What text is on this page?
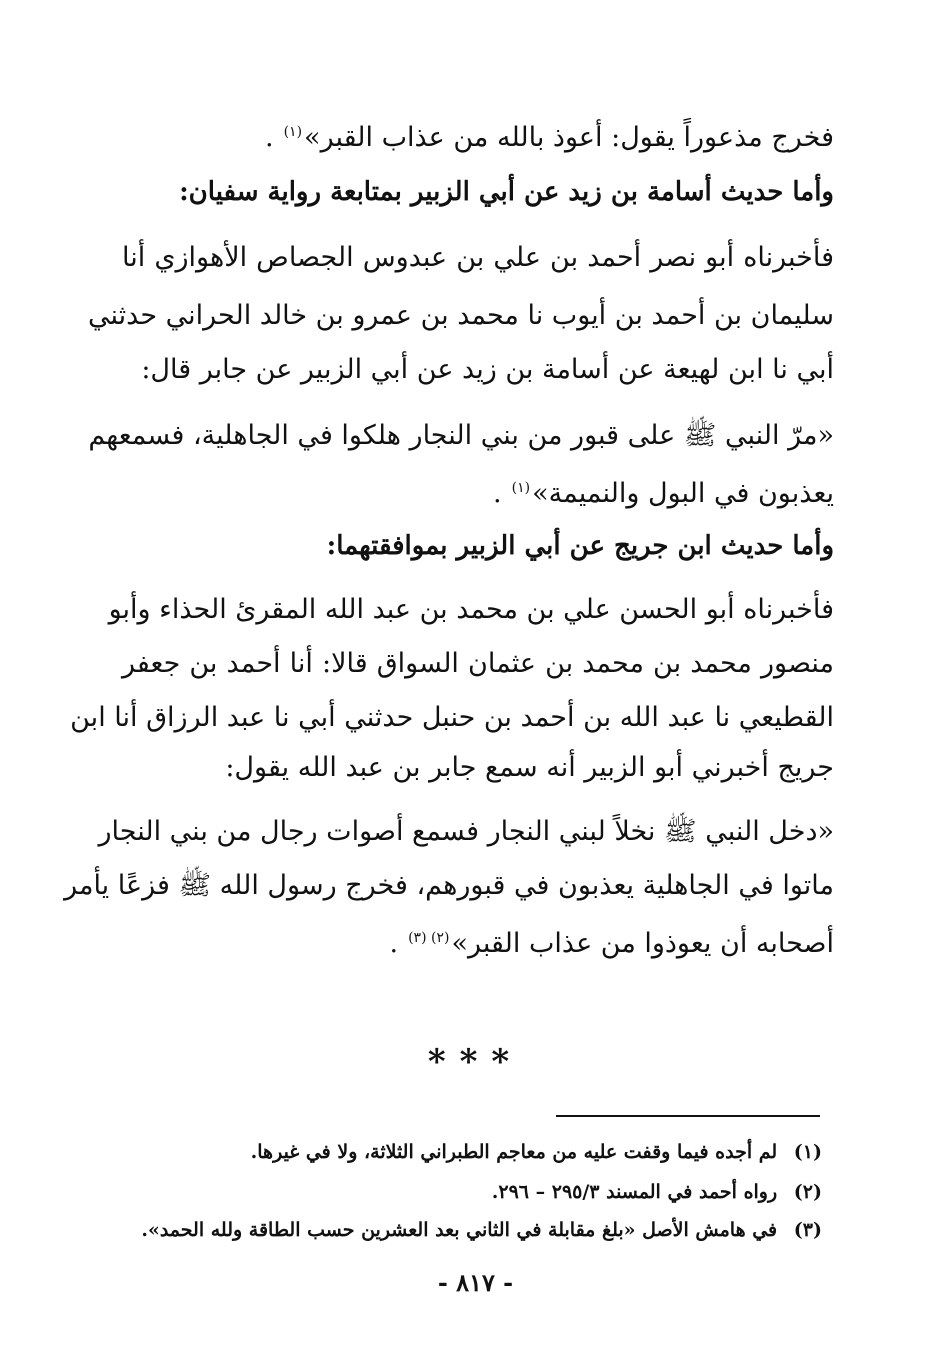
فخرج مذعوراً يقول: أعوذ بالله من عذاب القبر»$^{(١)}$.
وأما حديث أسامة بن زيد عن أبي الزبير بمتابعة رواية سفيان:
فأخبرناه أبو نصر أحمد بن علي بن عبدوس الجصاص الأهوازي أنا
سليمان بن أحمد بن أيوب نا محمد بن عمرو بن خالد الحراني حدثني
أبي نا ابن لهيعة عن أسامة بن زيد عن أبي الزبير عن جابر قال:
«مرّ النبي ﷺ على قبور من بني النجار هلكوا في الجاهلية، فسمعهم
يعذبون في البول والنميمة»$^{(١)}$.
وأما حديث ابن جريج عن أبي الزبير بموافقتهما:
فأخبرناه أبو الحسن علي بن محمد بن عبد الله المقرئ الحذاء وأبو
منصور محمد بن محمد بن عثمان السواق قالا: أنا أحمد بن جعفر
القطيعي نا عبد الله بن أحمد بن حنبل حدثني أبي نا عبد الرزاق أنا ابن
جريج أخبرني أبو الزبير أنه سمع جابر بن عبد الله يقول:
«دخل النبي ﷺ نخلاً لبني النجار فسمع أصوات رجال من بني النجار
ماتوا في الجاهلية يعذبون في قبورهم، فخرج رسول الله ﷺ فزعًا يأمر
أصحابه أن يعوذوا من عذاب القبر»$^{(٢) (٣)}$.
***
(١) لم أجده فيما وقفت عليه من معاجم الطبراني الثلاثة، ولا في غيرها.
(٢) رواه أحمد في المسند ٢٩٥/٣ – ٢٩٦.
(٣) في هامش الأصل «بلغ مقابلة في الثاني بعد العشرين حسب الطاقة ولله الحمد».
- ٨١٧ -
